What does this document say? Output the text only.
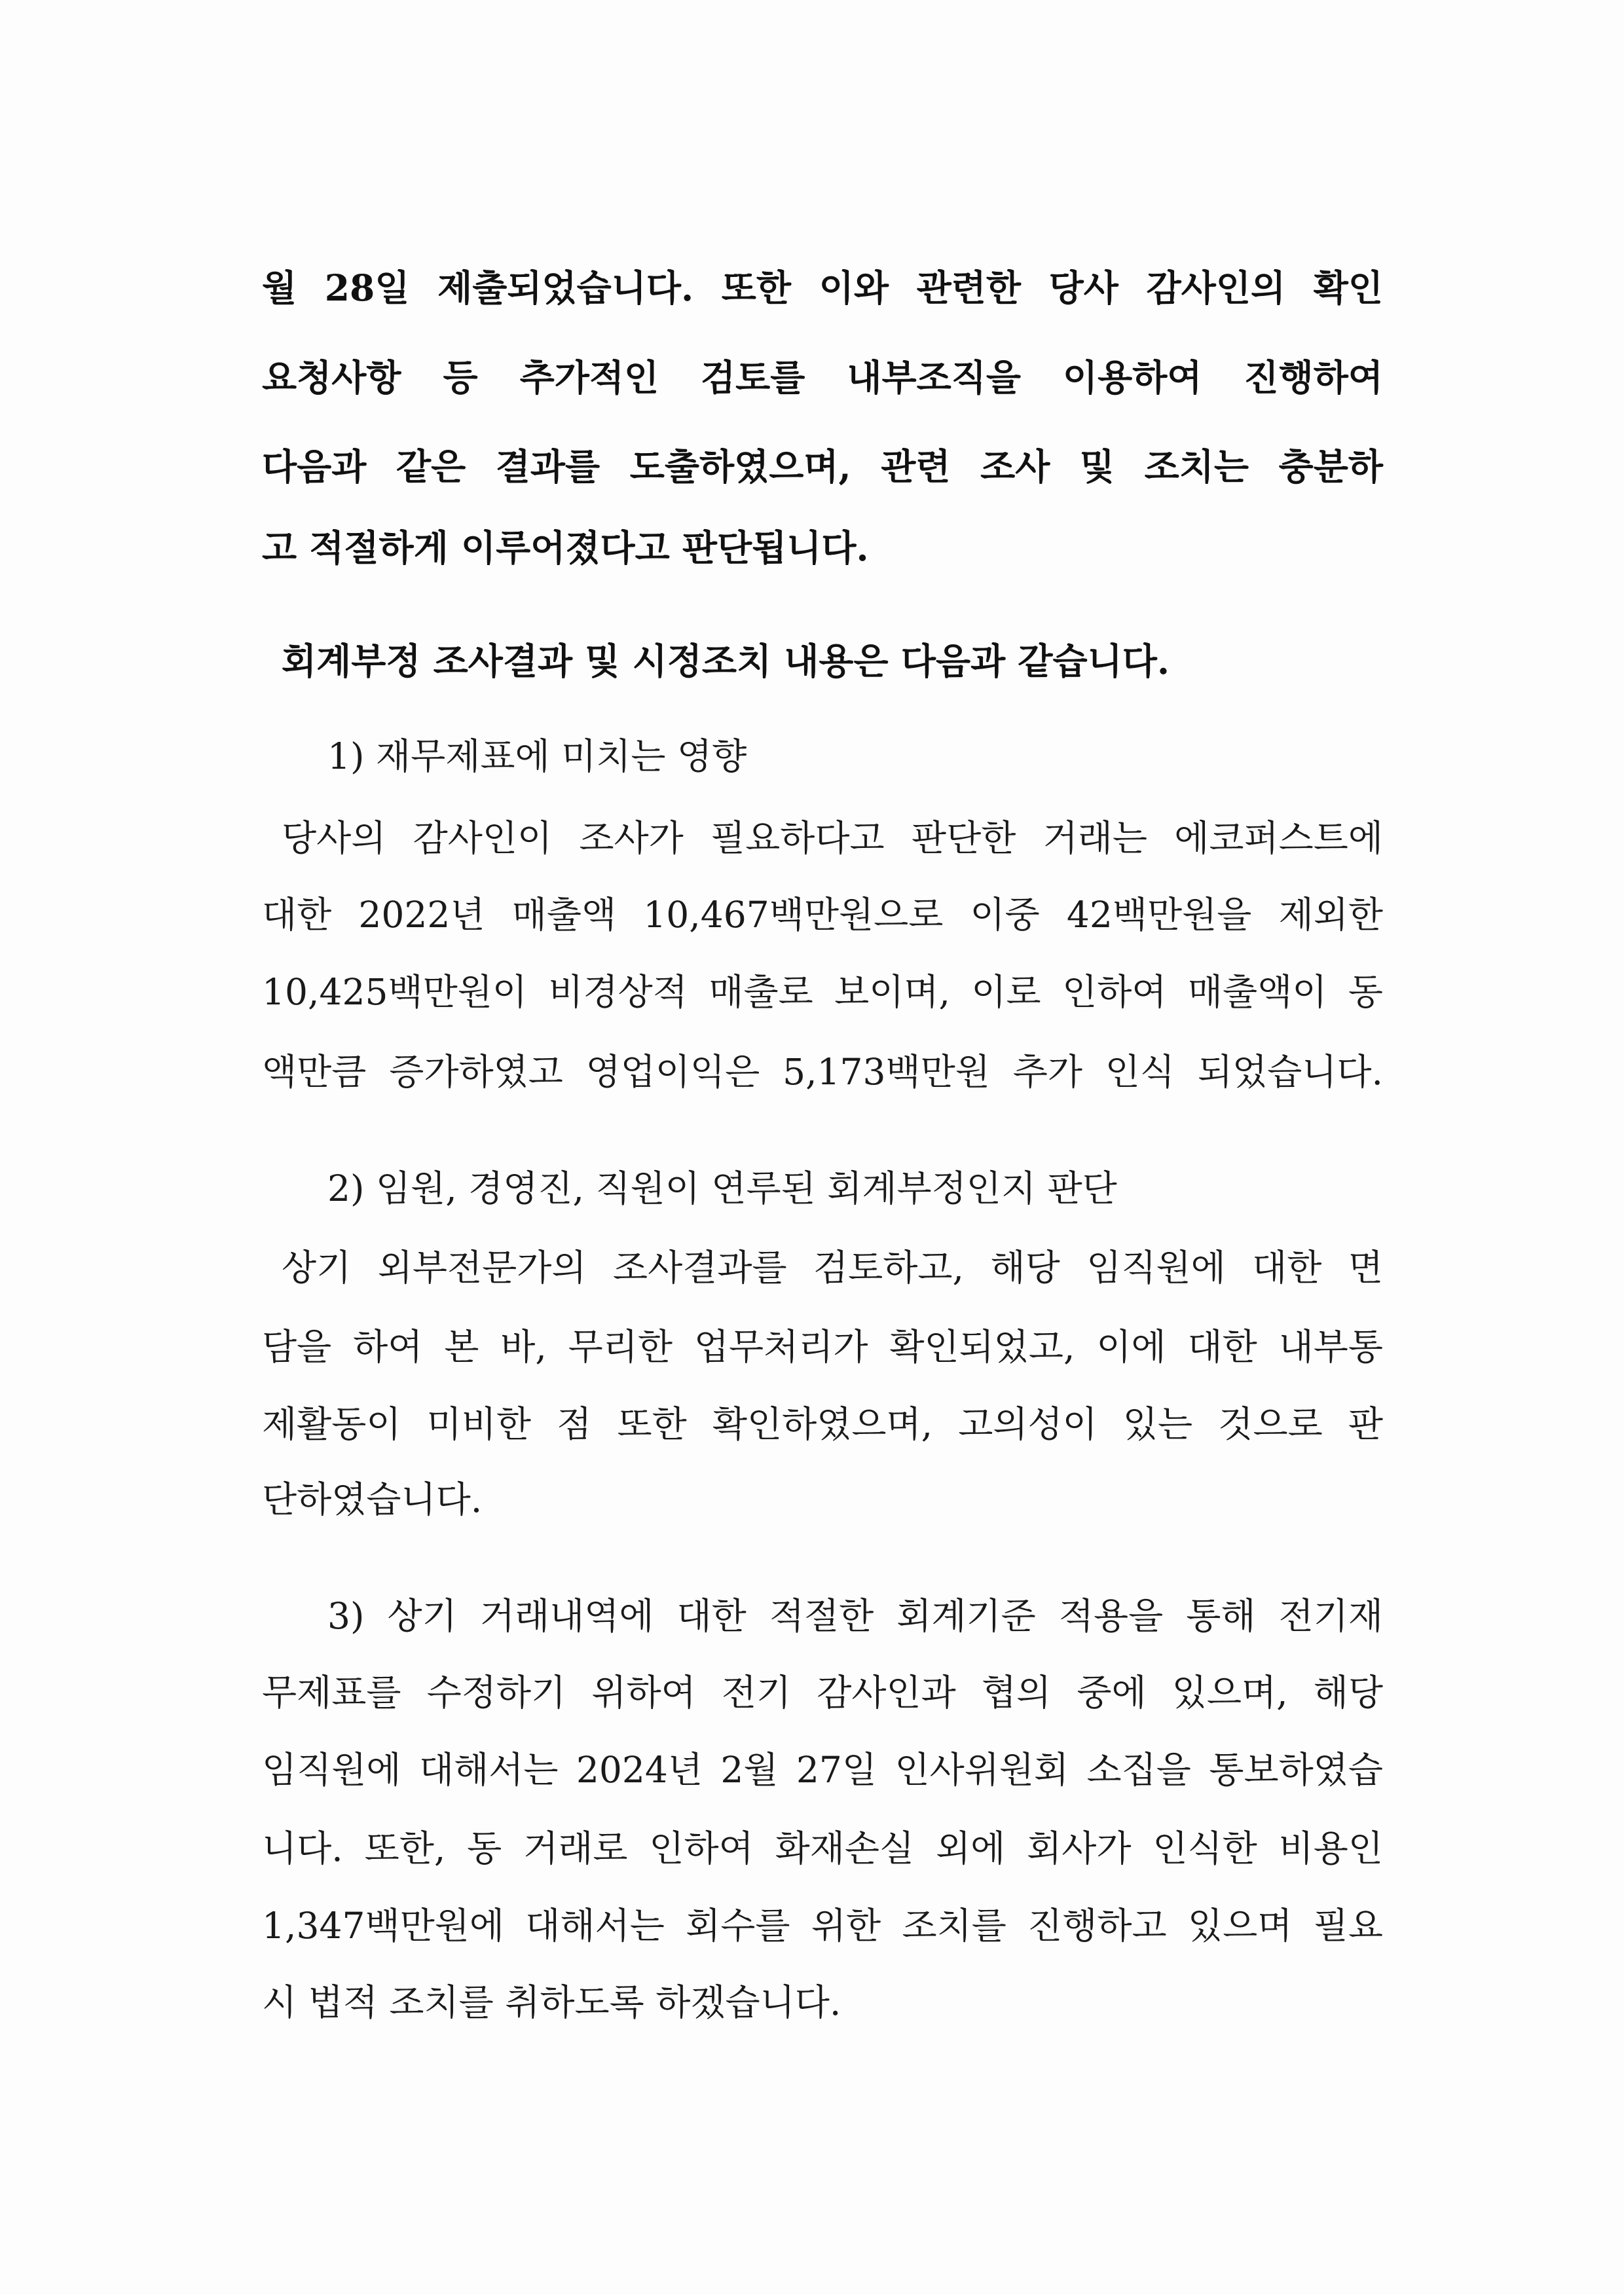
월 28일 제출되었습니다. 또한 이와 관련한 당사 감사인의 확인
요청사항 등 추가적인 검토를 내부조직을 이용하여 진행하여
다음과 같은 결과를 도출하였으며, 관련 조사 및 조치는 충분하
고 적절하게 이루어졌다고 판단됩니다.
회계부정 조사결과 및 시정조치 내용은 다음과 같습니다.
1) 재무제표에 미치는 영향
당사의 감사인이 조사가 필요하다고 판단한 거래는 에코퍼스트에
대한 2022년 매출액 10,467백만원으로 이중 42백만원을 제외한
10,425백만원이 비경상적 매출로 보이며, 이로 인하여 매출액이 동
액만큼 증가하였고 영업이익은 5,173백만원 추가 인식 되었습니다.
2) 임원, 경영진, 직원이 연루된 회계부정인지 판단
상기 외부전문가의 조사결과를 검토하고, 해당 임직원에 대한 면
담을 하여 본 바, 무리한 업무처리가 확인되었고, 이에 대한 내부통
제활동이 미비한 점 또한 확인하였으며, 고의성이 있는 것으로 판
단하였습니다.
3) 상기 거래내역에 대한 적절한 회계기준 적용을 통해 전기재
무제표를 수정하기 위하여 전기 감사인과 협의 중에 있으며, 해당
임직원에 대해서는 2024년 2월 27일 인사위원회 소집을 통보하였습
니다. 또한, 동 거래로 인하여 화재손실 외에 회사가 인식한 비용인
1,347백만원에 대해서는 회수를 위한 조치를 진행하고 있으며 필요
시 법적 조치를 취하도록 하겠습니다.
